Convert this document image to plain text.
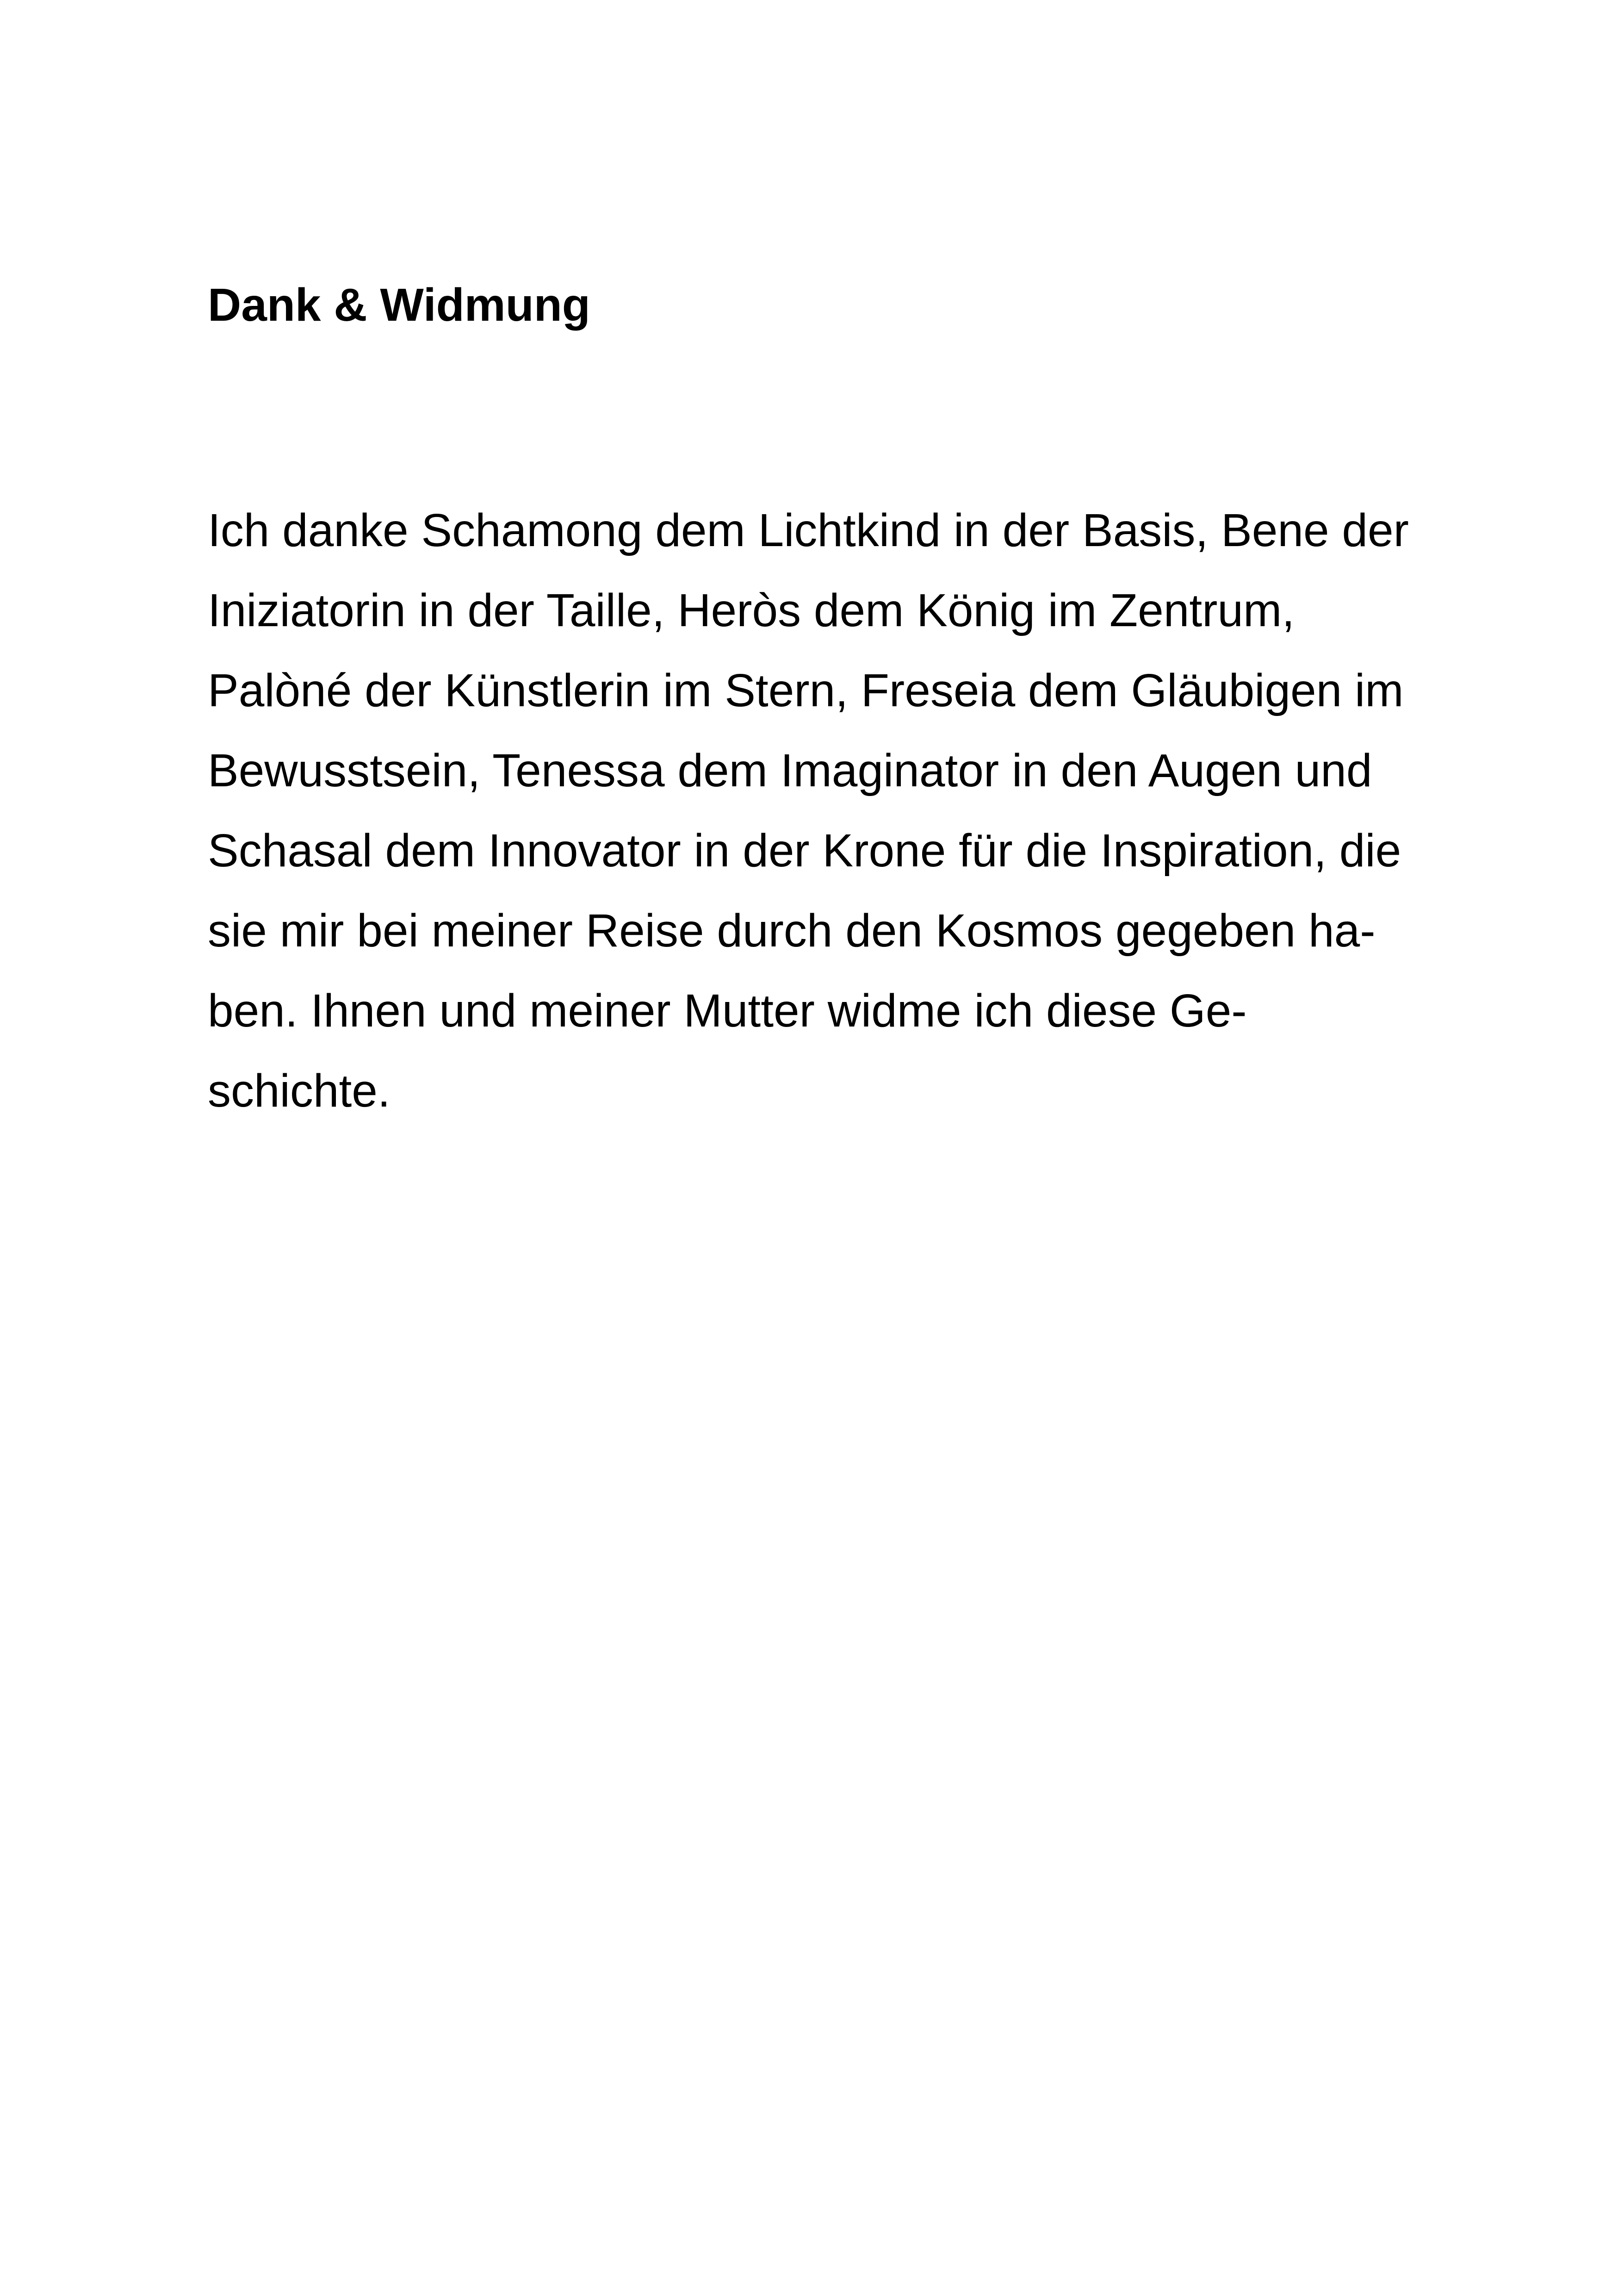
Dank & Widmung
Ich danke Schamong dem Lichtkind in der Basis, Bene der
Iniziatorin in der Taille, Heròs dem König im Zentrum,
Palòné der Künstlerin im Stern, Freseia dem Gläubigen im
Bewusstsein, Tenessa dem Imaginator in den Augen und
Schasal dem Innovator in der Krone für die Inspiration, die
sie mir bei meiner Reise durch den Kosmos gegeben ha-
ben. Ihnen und meiner Mutter widme ich diese Ge-
schichte.
